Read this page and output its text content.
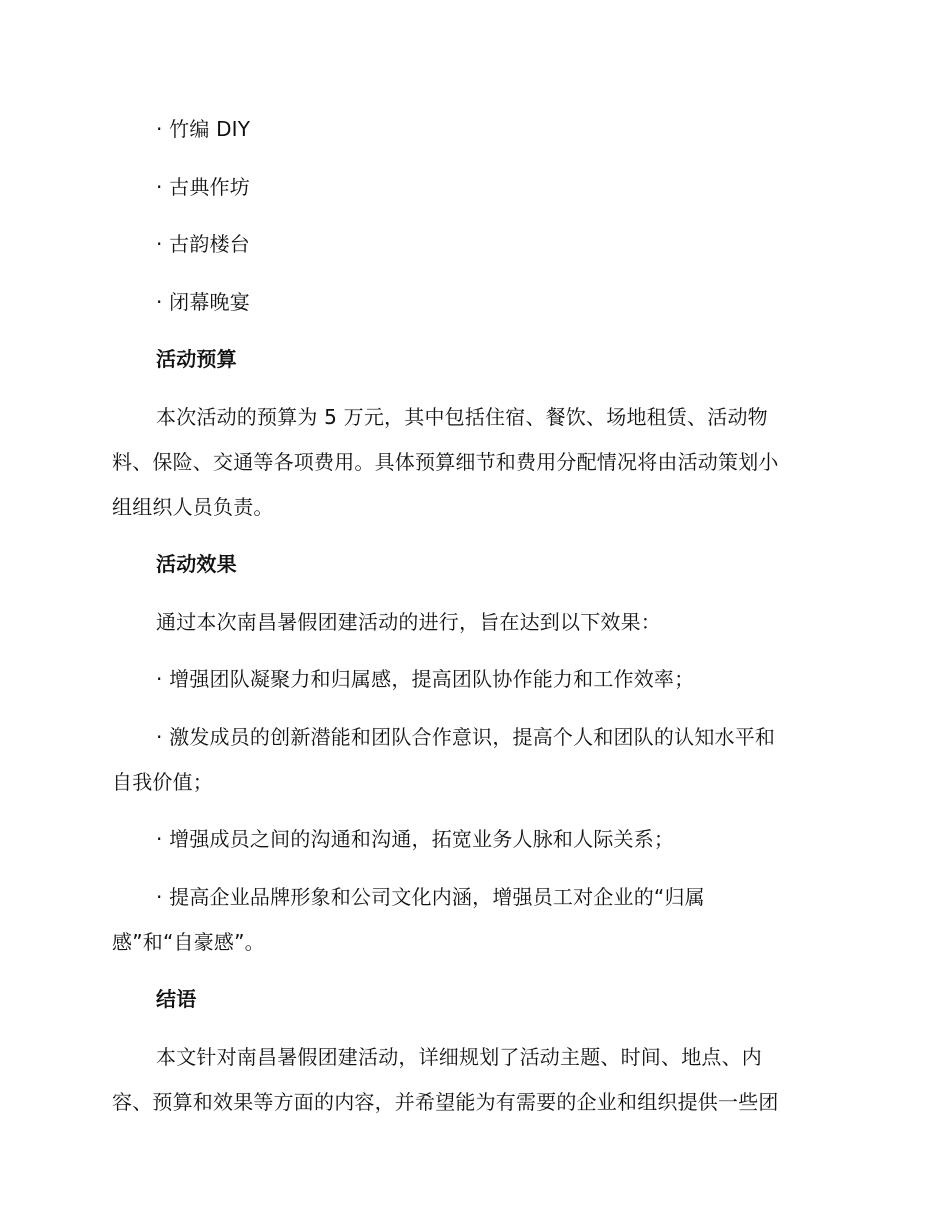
· 竹编 DIY
· 古典作坊
· 古韵楼台
· 闭幕晚宴
活动预算
本次活动的预算为 5 万元，其中包括住宿、餐饮、场地租赁、活动物
料、保险、交通等各项费用。具体预算细节和费用分配情况将由活动策划小
组组织人员负责。
活动效果
通过本次南昌暑假团建活动的进行，旨在达到以下效果：
· 增强团队凝聚力和归属感，提高团队协作能力和工作效率；
· 激发成员的创新潜能和团队合作意识，提高个人和团队的认知水平和
自我价值；
· 增强成员之间的沟通和沟通，拓宽业务人脉和人际关系；
· 提高企业品牌形象和公司文化内涵，增强员工对企业的“归属
感”和“自豪感”。
结语
本文针对南昌暑假团建活动，详细规划了活动主题、时间、地点、内
容、预算和效果等方面的内容，并希望能为有需要的企业和组织提供一些团
